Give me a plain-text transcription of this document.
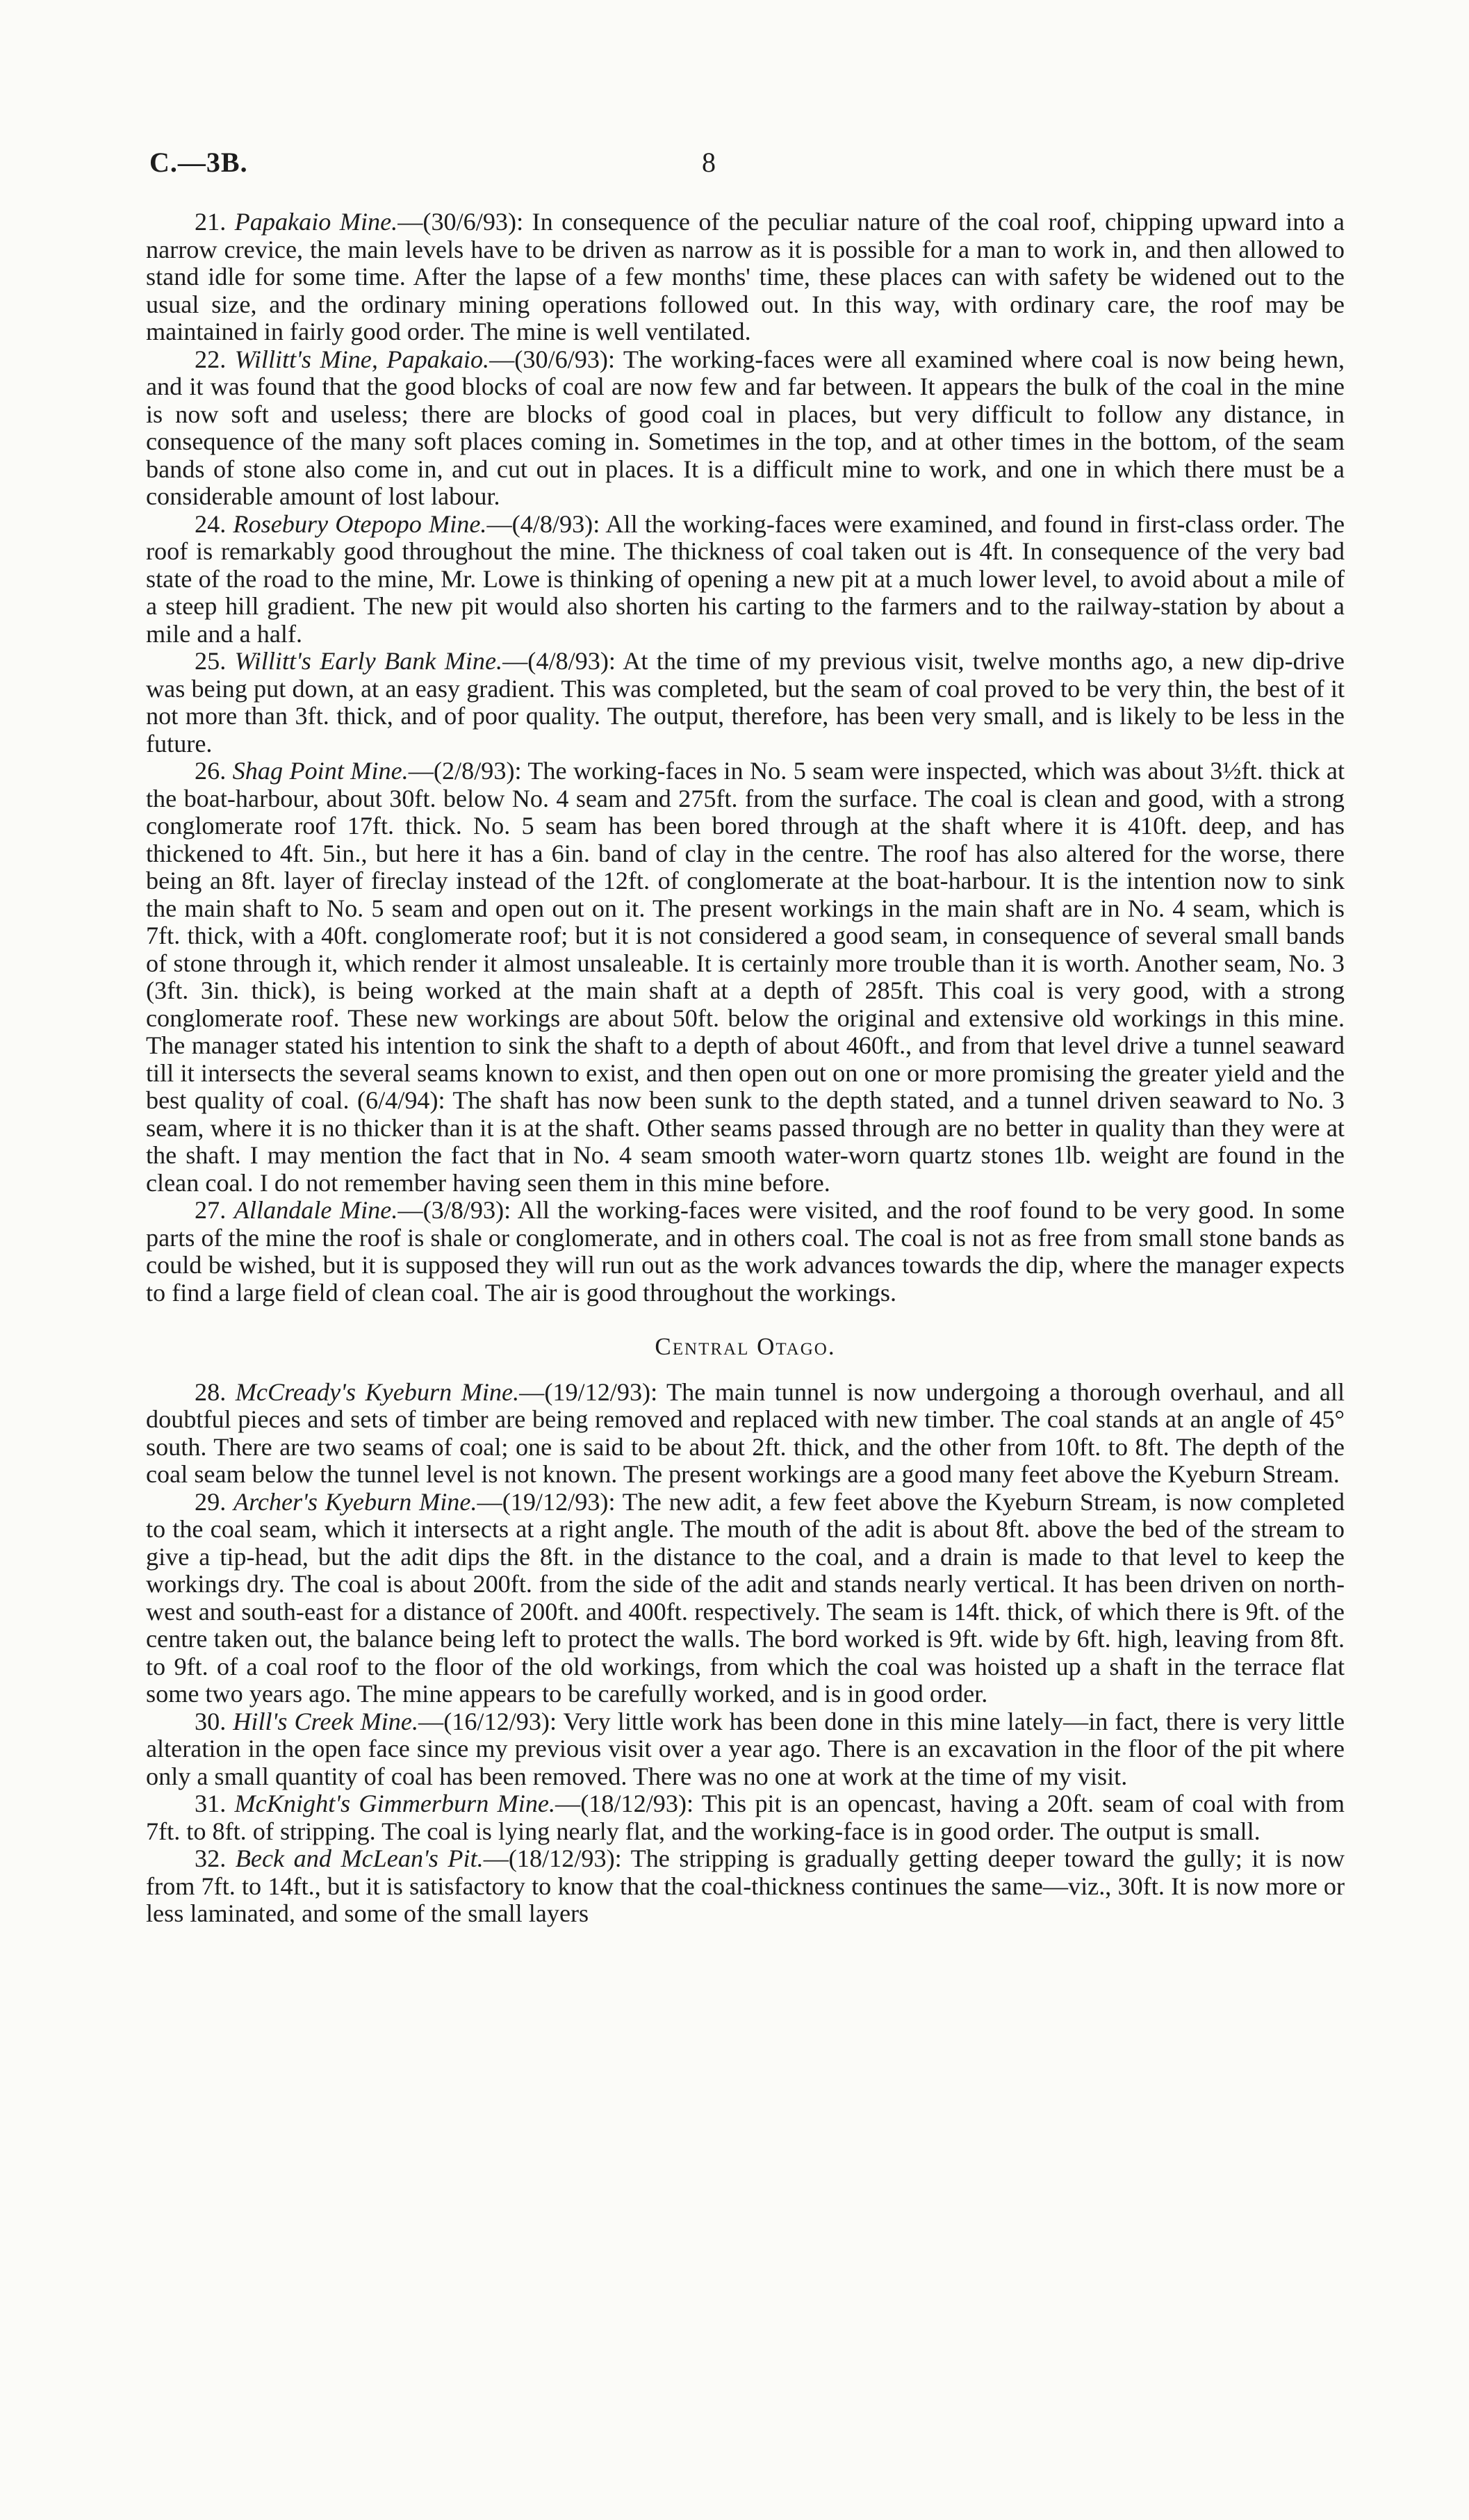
C.—3B.	8

21. Papakaio Mine.—(30/6/93): In consequence of the peculiar nature of the coal roof, chipping upward into a narrow crevice, the main levels have to be driven as narrow as it is possible for a man to work in, and then allowed to stand idle for some time. After the lapse of a few months' time, these places can with safety be widened out to the usual size, and the ordinary mining operations followed out. In this way, with ordinary care, the roof may be maintained in fairly good order. The mine is well ventilated.

22. Willitt's Mine, Papakaio.—(30/6/93): The working-faces were all examined where coal is now being hewn, and it was found that the good blocks of coal are now few and far between. It appears the bulk of the coal in the mine is now soft and useless; there are blocks of good coal in places, but very difficult to follow any distance, in consequence of the many soft places coming in. Sometimes in the top, and at other times in the bottom, of the seam bands of stone also come in, and cut out in places. It is a difficult mine to work, and one in which there must be a considerable amount of lost labour.

24. Rosebury Otepopo Mine.—(4/8/93): All the working-faces were examined, and found in first-class order. The roof is remarkably good throughout the mine. The thickness of coal taken out is 4ft. In consequence of the very bad state of the road to the mine, Mr. Lowe is thinking of opening a new pit at a much lower level, to avoid about a mile of a steep hill gradient. The new pit would also shorten his carting to the farmers and to the railway-station by about a mile and a half.

25. Willitt's Early Bank Mine.—(4/8/93): At the time of my previous visit, twelve months ago, a new dip-drive was being put down, at an easy gradient. This was completed, but the seam of coal proved to be very thin, the best of it not more than 3ft. thick, and of poor quality. The output, therefore, has been very small, and is likely to be less in the future.

26. Shag Point Mine.—(2/8/93): The working-faces in No. 5 seam were inspected, which was about 3½ft. thick at the boat-harbour, about 30ft. below No. 4 seam and 275ft. from the surface. The coal is clean and good, with a strong conglomerate roof 17ft. thick. No. 5 seam has been bored through at the shaft where it is 410ft. deep, and has thickened to 4ft. 5in., but here it has a 6in. band of clay in the centre. The roof has also altered for the worse, there being an 8ft. layer of fireclay instead of the 12ft. of conglomerate at the boat-harbour. It is the intention now to sink the main shaft to No. 5 seam and open out on it. The present workings in the main shaft are in No. 4 seam, which is 7ft. thick, with a 40ft. conglomerate roof; but it is not considered a good seam, in consequence of several small bands of stone through it, which render it almost unsaleable. It is certainly more trouble than it is worth. Another seam, No. 3 (3ft. 3in. thick), is being worked at the main shaft at a depth of 285ft. This coal is very good, with a strong conglomerate roof. These new workings are about 50ft. below the original and extensive old workings in this mine. The manager stated his intention to sink the shaft to a depth of about 460ft., and from that level drive a tunnel seaward till it intersects the several seams known to exist, and then open out on one or more promising the greater yield and the best quality of coal. (6/4/94): The shaft has now been sunk to the depth stated, and a tunnel driven seaward to No. 3 seam, where it is no thicker than it is at the shaft. Other seams passed through are no better in quality than they were at the shaft. I may mention the fact that in No. 4 seam smooth water-worn quartz stones 1lb. weight are found in the clean coal. I do not remember having seen them in this mine before.

27. Allandale Mine.—(3/8/93): All the working-faces were visited, and the roof found to be very good. In some parts of the mine the roof is shale or conglomerate, and in others coal. The coal is not as free from small stone bands as could be wished, but it is supposed they will run out as the work advances towards the dip, where the manager expects to find a large field of clean coal. The air is good throughout the workings.

Central Otago.

28. McCready's Kyeburn Mine.—(19/12/93): The main tunnel is now undergoing a thorough overhaul, and all doubtful pieces and sets of timber are being removed and replaced with new timber. The coal stands at an angle of 45° south. There are two seams of coal; one is said to be about 2ft. thick, and the other from 10ft. to 8ft. The depth of the coal seam below the tunnel level is not known. The present workings are a good many feet above the Kyeburn Stream.

29. Archer's Kyeburn Mine.—(19/12/93): The new adit, a few feet above the Kyeburn Stream, is now completed to the coal seam, which it intersects at a right angle. The mouth of the adit is about 8ft. above the bed of the stream to give a tip-head, but the adit dips the 8ft. in the distance to the coal, and a drain is made to that level to keep the workings dry. The coal is about 200ft. from the side of the adit and stands nearly vertical. It has been driven on north-west and south-east for a distance of 200ft. and 400ft. respectively. The seam is 14ft. thick, of which there is 9ft. of the centre taken out, the balance being left to protect the walls. The bord worked is 9ft. wide by 6ft. high, leaving from 8ft. to 9ft. of a coal roof to the floor of the old workings, from which the coal was hoisted up a shaft in the terrace flat some two years ago. The mine appears to be carefully worked, and is in good order.

30. Hill's Creek Mine.—(16/12/93): Very little work has been done in this mine lately—in fact, there is very little alteration in the open face since my previous visit over a year ago. There is an excavation in the floor of the pit where only a small quantity of coal has been removed. There was no one at work at the time of my visit.

31. McKnight's Gimmerburn Mine.—(18/12/93): This pit is an opencast, having a 20ft. seam of coal with from 7ft. to 8ft. of stripping. The coal is lying nearly flat, and the working-face is in good order. The output is small.

32. Beck and McLean's Pit.—(18/12/93): The stripping is gradually getting deeper toward the gully; it is now from 7ft. to 14ft., but it is satisfactory to know that the coal-thickness continues the same—viz., 30ft. It is now more or less laminated, and some of the small layers
